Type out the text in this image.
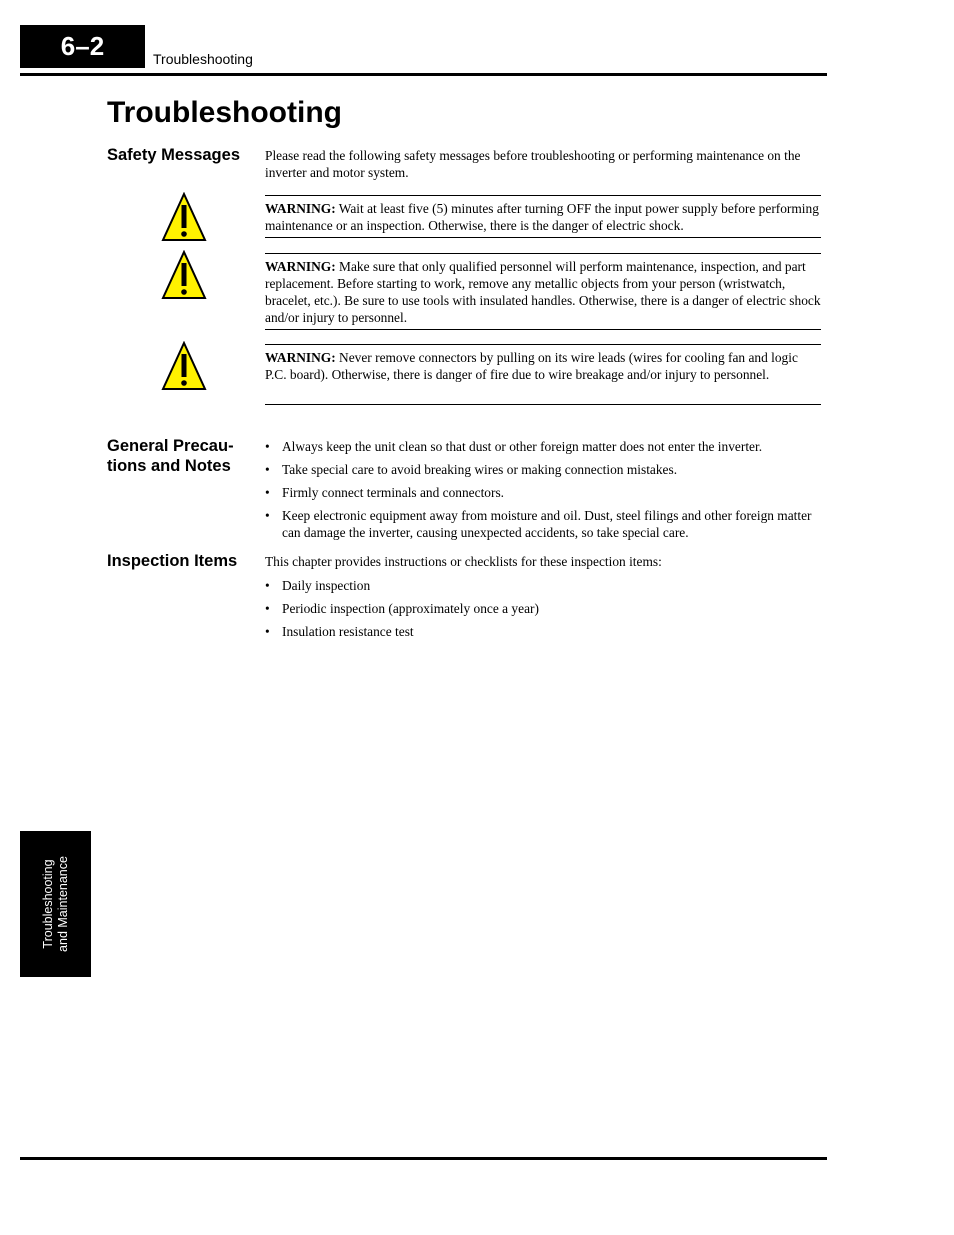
6–2	Troubleshooting
Troubleshooting
Safety Messages	Please read the following safety messages before troubleshooting or performing maintenance on the inverter and motor system.
WARNING: Wait at least five (5) minutes after turning OFF the input power supply before performing maintenance or an inspection. Otherwise, there is the danger of electric shock.
WARNING: Make sure that only qualified personnel will perform maintenance, inspection, and part replacement. Before starting to work, remove any metallic objects from your person (wristwatch, bracelet, etc.). Be sure to use tools with insulated handles. Otherwise, there is a danger of electric shock and/or injury to personnel.
WARNING: Never remove connectors by pulling on its wire leads (wires for cooling fan and logic P.C. board). Otherwise, there is danger of fire due to wire breakage and/or injury to personnel.
General Precau-
tions and Notes
• Always keep the unit clean so that dust or other foreign matter does not enter the inverter.
• Take special care to avoid breaking wires or making connection mistakes.
• Firmly connect terminals and connectors.
• Keep electronic equipment away from moisture and oil. Dust, steel filings and other foreign matter can damage the inverter, causing unexpected accidents, so take special care.
Inspection Items	This chapter provides instructions or checklists for these inspection items:
• Daily inspection
• Periodic inspection (approximately once a year)
• Insulation resistance test
Troubleshooting and Maintenance
